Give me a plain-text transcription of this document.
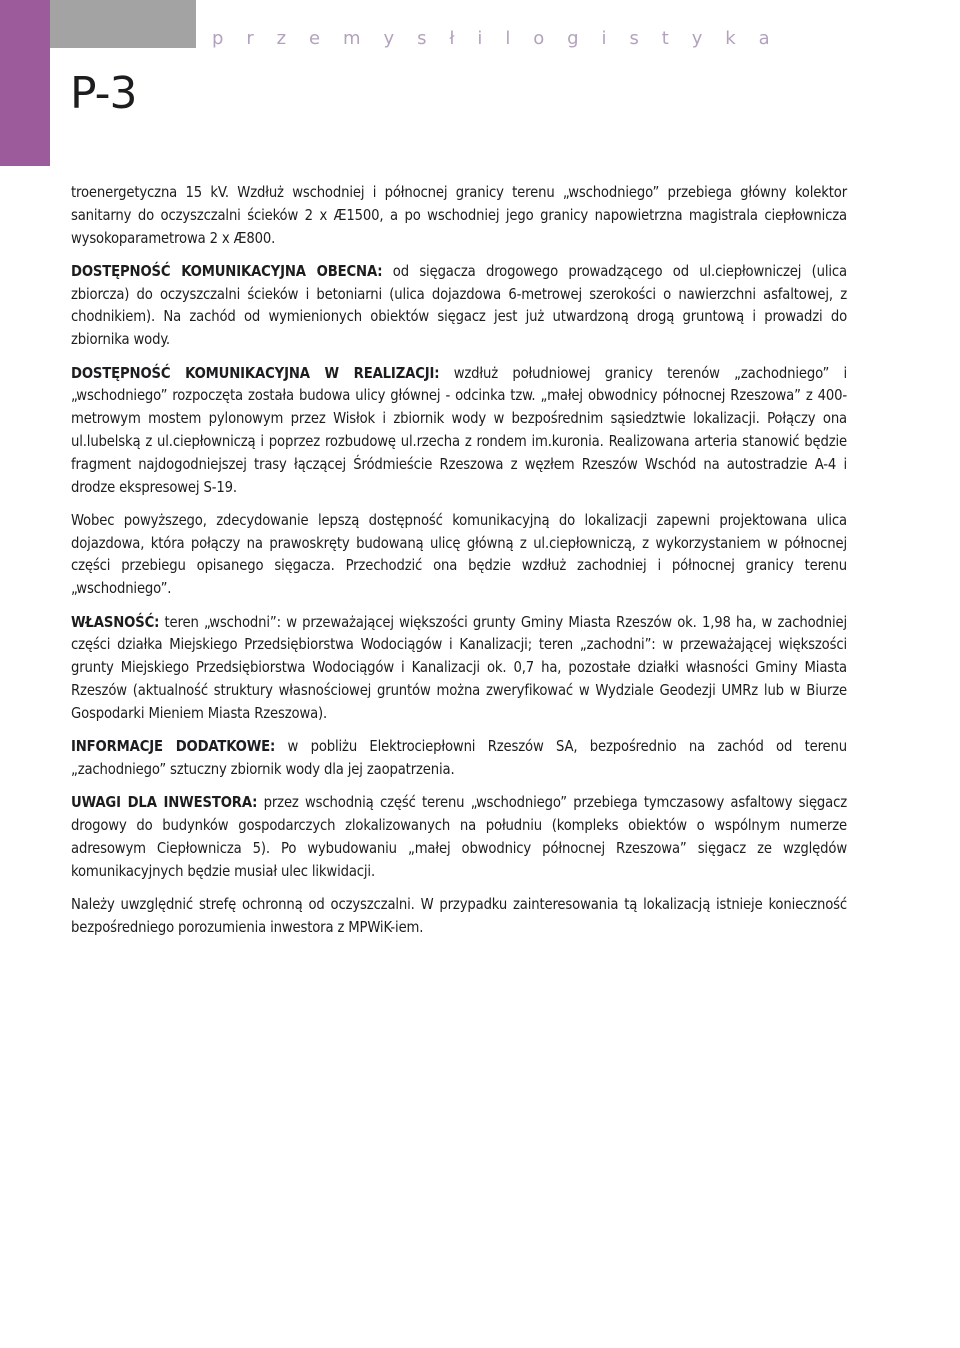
p r z e m y s ł i l o g i s t y k a
P-3

troenergetyczna 15 kV. Wzdłuż wschodniej i północnej granicy terenu „wschodniego” przebiega główny kolektor sanitarny do oczyszczalni ścieków 2 x Æ1500, a po wschodniej jego granicy napowietrzna magistrala ciepłownicza wysokoparametrowa 2 x Æ800.

DOSTĘPNOŚĆ KOMUNIKACYJNA OBECNA: od sięgacza drogowego prowadzącego od ul.ciepłowniczej (ulica zbiorcza) do oczyszczalni ścieków i betoniarni (ulica dojazdowa 6-metrowej szerokości o nawierzchni asfaltowej, z chodnikiem). Na zachód od wymienionych obiektów sięgacz jest już utwardzoną drogą gruntową i prowadzi do zbiornika wody.

DOSTĘPNOŚĆ KOMUNIKACYJNA W REALIZACJI: wzdłuż południowej granicy terenów „zachodniego” i „wschodniego” rozpoczęta została budowa ulicy głównej - odcinka tzw. „małej obwodnicy północnej Rzeszowa” z 400-metrowym mostem pylonowym przez Wisłok i zbiornik wody w bezpośrednim sąsiedztwie lokalizacji. Połączy ona ul.lubelską z ul.ciepłowniczą i poprzez rozbudowę ul.rzecha z rondem im.kuronia. Realizowana arteria stanowić będzie fragment najdogodniejszej trasy łączącej Śródmieście Rzeszowa z węzłem Rzeszów Wschód na autostradzie A-4 i drodze ekspresowej S-19.

Wobec powyższego, zdecydowanie lepszą dostępność komunikacyjną do lokalizacji zapewni projektowana ulica dojazdowa, która połączy na prawoskręty budowaną ulicę główną z ul.ciepłowniczą, z wykorzystaniem w północnej części przebiegu opisanego sięgacza. Przechodzić ona będzie wzdłuż zachodniej i północnej granicy terenu „wschodniego”.

WŁASNOŚĆ: teren „wschodni”: w przeważającej większości grunty Gminy Miasta Rzeszów ok. 1,98 ha, w zachodniej części działka Miejskiego Przedsiębiorstwa Wodociągów i Kanalizacji; teren „zachodni”: w przeważającej większości grunty Miejskiego Przedsiębiorstwa Wodociągów i Kanalizacji ok. 0,7 ha, pozostałe działki własności Gminy Miasta Rzeszów (aktualność struktury własnościowej gruntów można zweryfikować w Wydziale Geodezji UMRz lub w Biurze Gospodarki Mieniem Miasta Rzeszowa).

INFORMACJE DODATKOWE: w pobliżu Elektrociepłowni Rzeszów SA, bezpośrednio na zachód od terenu „zachodniego” sztuczny zbiornik wody dla jej zaopatrzenia.

UWAGI DLA INWESTORA: przez wschodnią część terenu „wschodniego” przebiega tymczasowy asfaltowy sięgacz drogowy do budynków gospodarczych zlokalizowanych na południu (kompleks obiektów o wspólnym numerze adresowym Ciepłownicza 5). Po wybudowaniu „małej obwodnicy północnej Rzeszowa” sięgacz ze względów komunikacyjnych będzie musiał ulec likwidacji.

Należy uwzględnić strefę ochronną od oczyszczalni. W przypadku zainteresowania tą lokalizacją istnieje konieczność bezpośredniego porozumienia inwestora z MPWiK-iem.
